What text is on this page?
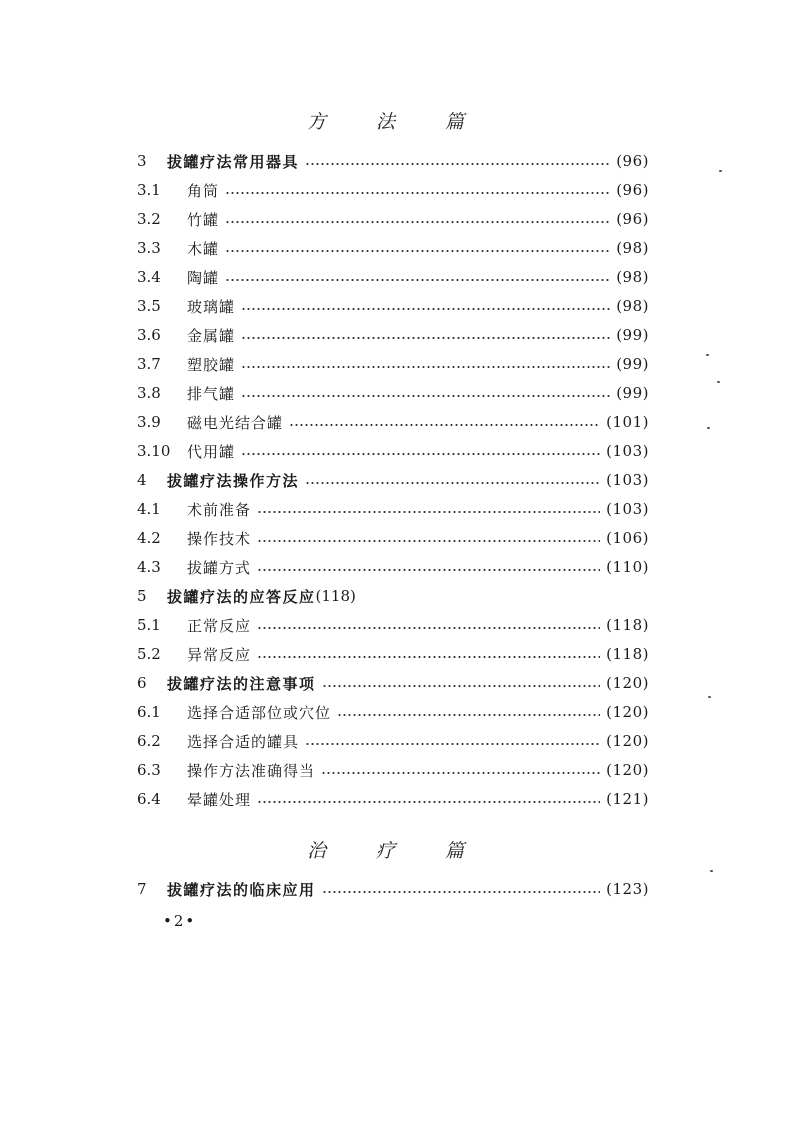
方 法 篇
3	拔罐疗法常用器具	(96)
3.1	角筒	(96)
3.2	竹罐	(96)
3.3	木罐	(98)
3.4	陶罐	(98)
3.5	玻璃罐	(98)
3.6	金属罐	(99)
3.7	塑胶罐	(99)
3.8	排气罐	(99)
3.9	磁电光结合罐	(101)
3.10	代用罐	(103)
4	拔罐疗法操作方法	(103)
4.1	术前准备	(103)
4.2	操作技术	(106)
4.3	拔罐方式	(110)
5	拔罐疗法的应答反应 (118)
5.1	正常反应	(118)
5.2	异常反应	(118)
6	拔罐疗法的注意事项	(120)
6.1	选择合适部位或穴位	(120)
6.2	选择合适的罐具	(120)
6.3	操作方法准确得当	(120)
6.4	晕罐处理	(121)
治 疗 篇
7	拔罐疗法的临床应用	(123)
•2•
